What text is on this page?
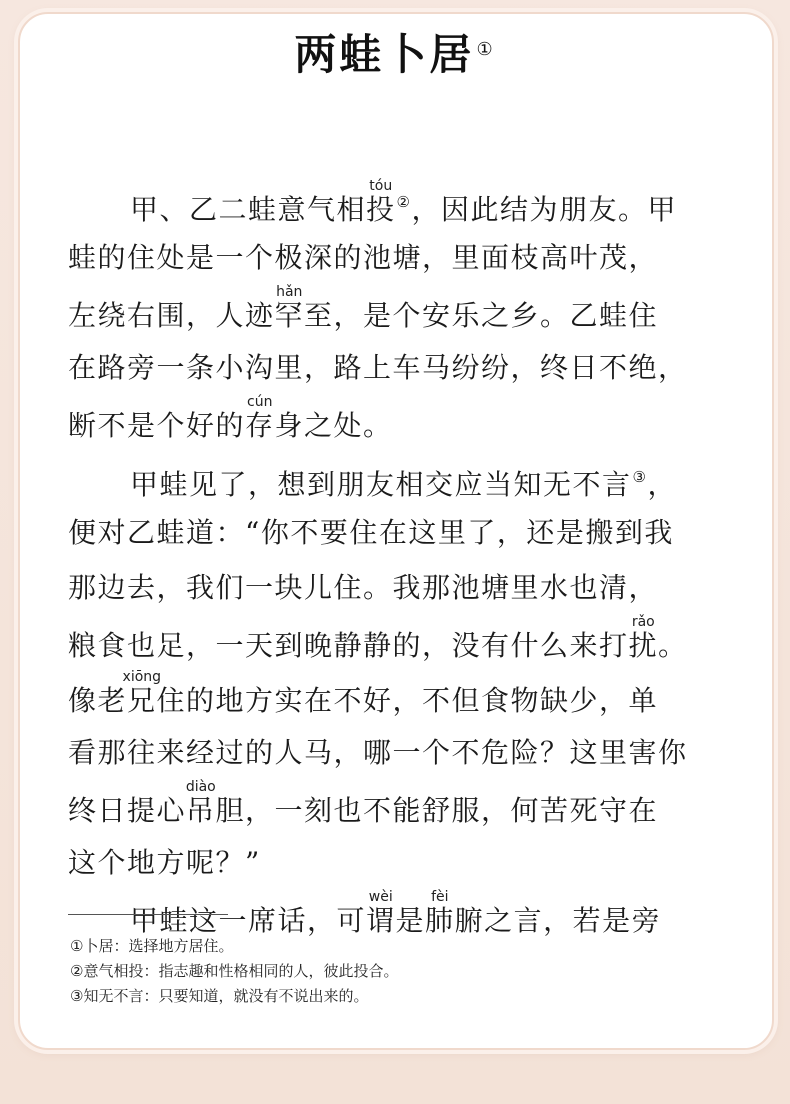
两蛙卜居 ①
甲、乙二蛙意气相投tóu②，因此结为朋友。甲
蛙的住处是一个极深的池塘，里面枝高叶茂，
左绕右围，人迹罕hǎn至，是个安乐之乡。乙蛙住
在路旁一条小沟里，路上车马纷纷，终日不绝，
断不是个好的存cún身之处。
甲蛙见了，想到朋友相交应当知无不言③，
便对乙蛙道：“你不要住在这里了，还是搬到我
那边去，我们一块儿住。我那池塘里水也清，
粮食也足，一天到晚静静的，没有什么来打扰rǎo。
像老兄xiōng住的地方实在不好，不但食物缺少，单
看那往来经过的人马，哪一个不危险？这里害你
终日提心吊diào胆，一刻也不能舒服，何苦死守在
这个地方呢？”
甲蛙这一席话，可谓wèi是肺fèi腑之言，若是旁
①卜居：选择地方居住。
②意气相投：指志趣和性格相同的人，彼此投合。
③知无不言：只要知道，就没有不说出来的。
